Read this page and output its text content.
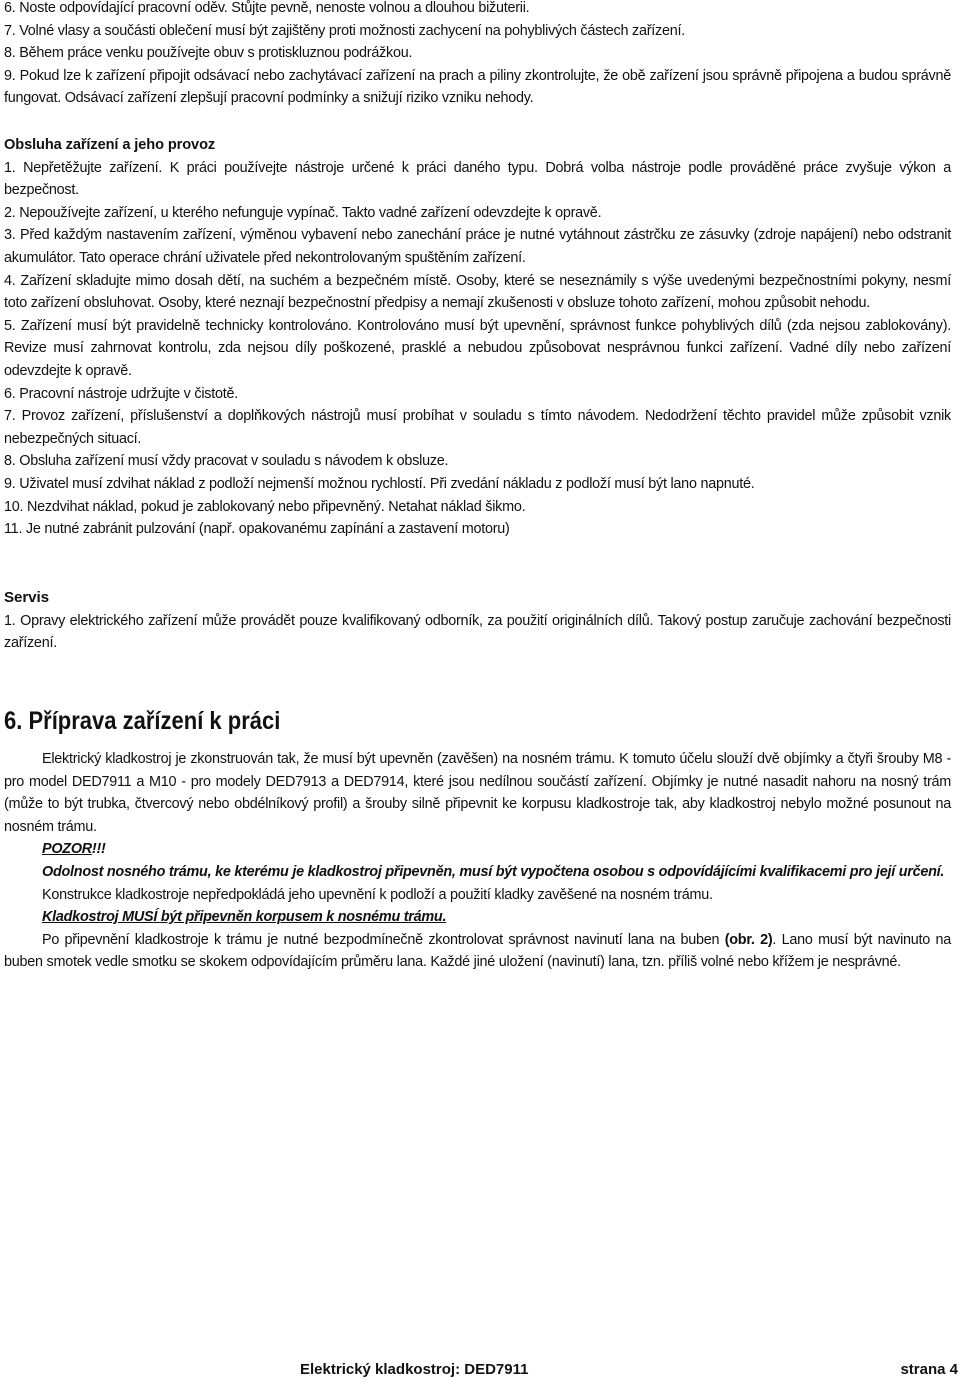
6. Noste odpovídající pracovní oděv. Stůjte pevně, nenoste volnou a dlouhou bižuterii.

7. Volné vlasy a součásti oblečení musí být zajištěny proti možnosti zachycení na pohyblivých částech zařízení.

8. Během práce venku používejte obuv s protiskluznou podrážkou.

9. Pokud lze k zařízení připojit odsávací nebo zachytávací zařízení na prach a piliny zkontrolujte, že obě zařízení jsou správně připojena a budou správně fungovat. Odsávací zařízení zlepšují pracovní podmínky a snižují riziko vzniku nehody.

Obsluha zařízení a jeho provoz

1. Nepřetěžujte zařízení. K práci používejte nástroje určené k práci daného typu. Dobrá volba nástroje podle prováděné práce zvyšuje výkon a bezpečnost.

2. Nepoužívejte zařízení, u kterého nefunguje vypínač. Takto vadné zařízení odevzdejte k opravě.

3. Před každým nastavením zařízení, výměnou vybavení nebo zanechání práce je nutné vytáhnout zástrčku ze zásuvky (zdroje napájení) nebo odstranit akumulátor. Tato operace chrání uživatele před nekontrolovaným spuštěním zařízení.

4. Zařízení skladujte mimo dosah dětí, na suchém a bezpečném místě. Osoby, které se neseznámily s výše uvedenými bezpečnostními pokyny, nesmí toto zařízení obsluhovat. Osoby, které neznají bezpečnostní předpisy a nemají zkušenosti v obsluze tohoto zařízení, mohou způsobit nehodu.

5. Zařízení musí být pravidelně technicky kontrolováno. Kontrolováno musí být upevnění, správnost funkce pohyblivých dílů (zda nejsou zablokovány). Revize musí zahrnovat kontrolu, zda nejsou díly poškozené, prasklé a nebudou způsobovat nesprávnou funkci zařízení. Vadné díly nebo zařízení odevzdejte k opravě.

6. Pracovní nástroje udržujte v čistotě.

7. Provoz zařízení, příslušenství a doplňkových nástrojů musí probíhat v souladu s tímto návodem. Nedodržení těchto pravidel může způsobit vznik nebezpečných situací.

8. Obsluha zařízení musí vždy pracovat v souladu s návodem k obsluze.

9. Uživatel musí zdvihat náklad z podloží nejmenší možnou rychlostí. Při zvedání nákladu z podloží musí být lano napnuté.

10. Nezdvihat náklad, pokud je zablokovaný nebo připevněný. Netahat náklad šikmo.

11. Je nutné zabránit pulzování (např. opakovanému zapínání a zastavení motoru)

Servis

1. Opravy elektrického zařízení může provádět pouze kvalifikovaný odborník, za použití originálních dílů. Takový postup zaručuje zachování bezpečnosti zařízení.

6. Příprava zařízení k práci

Elektrický kladkostroj je zkonstruován tak, že musí být upevněn (zavěšen) na nosném trámu. K tomuto účelu slouží dvě objímky a čtyři šrouby M8 - pro model DED7911 a M10 - pro modely DED7913 a DED7914, které jsou nedílnou součástí zařízení. Objímky je nutné nasadit nahoru na nosný trám (může to být trubka, čtvercový nebo obdélníkový profil) a šrouby silně připevnit ke korpusu kladkostroje tak, aby kladkostroj nebylo možné posunout na nosném trámu.

POZOR!!!

Odolnost nosného trámu, ke kterému je kladkostroj připevněn, musí být vypočtena osobou s odpovídájícími kvalifikacemi pro její určení.

Konstrukce kladkostroje nepředpokládá jeho upevnění k podloží a použití kladky zavěšené na nosném trámu.

Kladkostroj MUSÍ být připevněn korpusem k nosnému trámu.

Po připevnění kladkostroje k trámu je nutné bezpodmínečně zkontrolovat správnost navinutí lana na buben (obr. 2). Lano musí být navinuto na buben smotek vedle smotku se skokem odpovídajícím průměru lana. Každé jiné uložení (navinutí) lana, tzn. příliš volné nebo křížem je nesprávné.

Elektrický kladkostroj: DED7911	strana 4
